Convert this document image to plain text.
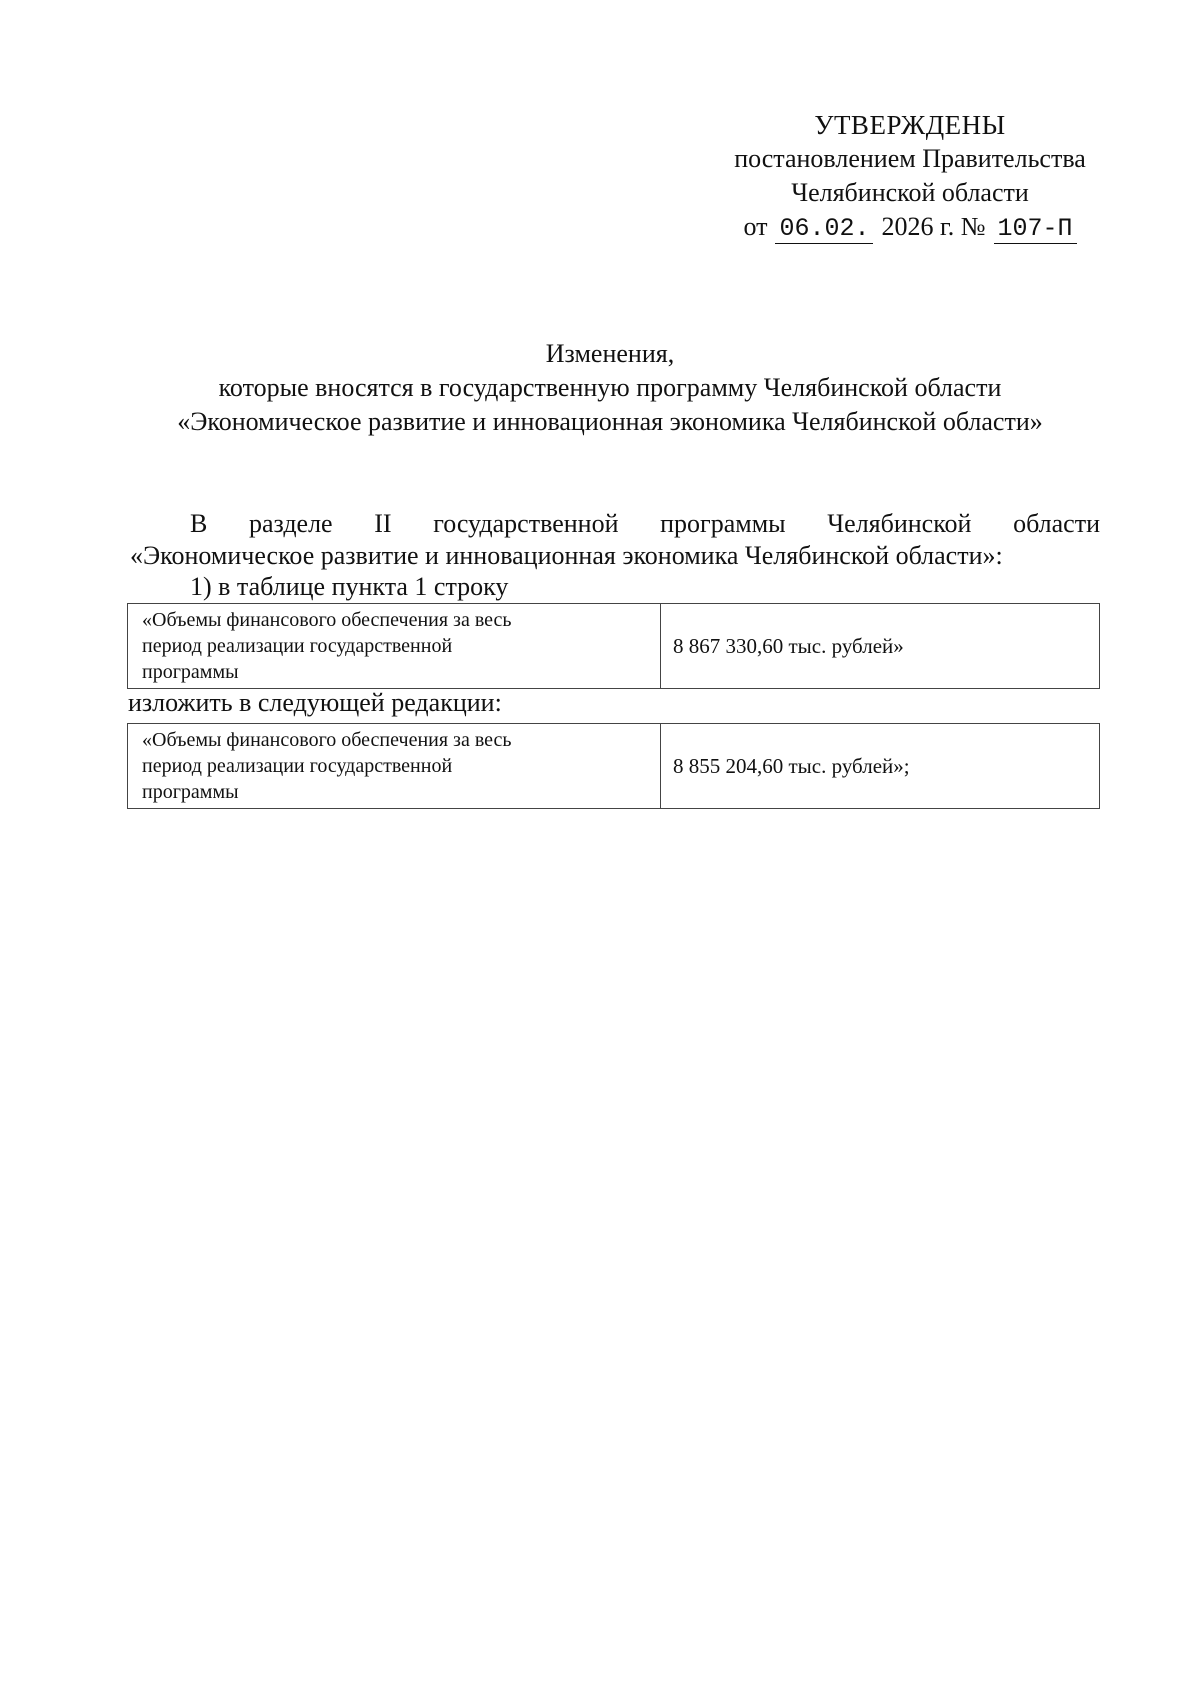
УТВЕРЖДЕНЫ
постановлением Правительства
Челябинской области
от 06.02. 2026 г. № 107-П
Изменения,
которые вносятся в государственную программу Челябинской области
«Экономическое развитие и инновационная экономика Челябинской области»
В разделе II государственной программы Челябинской области
«Экономическое развитие и инновационная экономика Челябинской области»:
1) в таблице пункта 1 строку
«Объемы финансового обеспечения за весь
период реализации государственной
программы
	8 867 330,60 тыс. рублей»
изложить в следующей редакции:
«Объемы финансового обеспечения за весь
период реализации государственной
программы
	8 855 204,60 тыс. рублей»;
